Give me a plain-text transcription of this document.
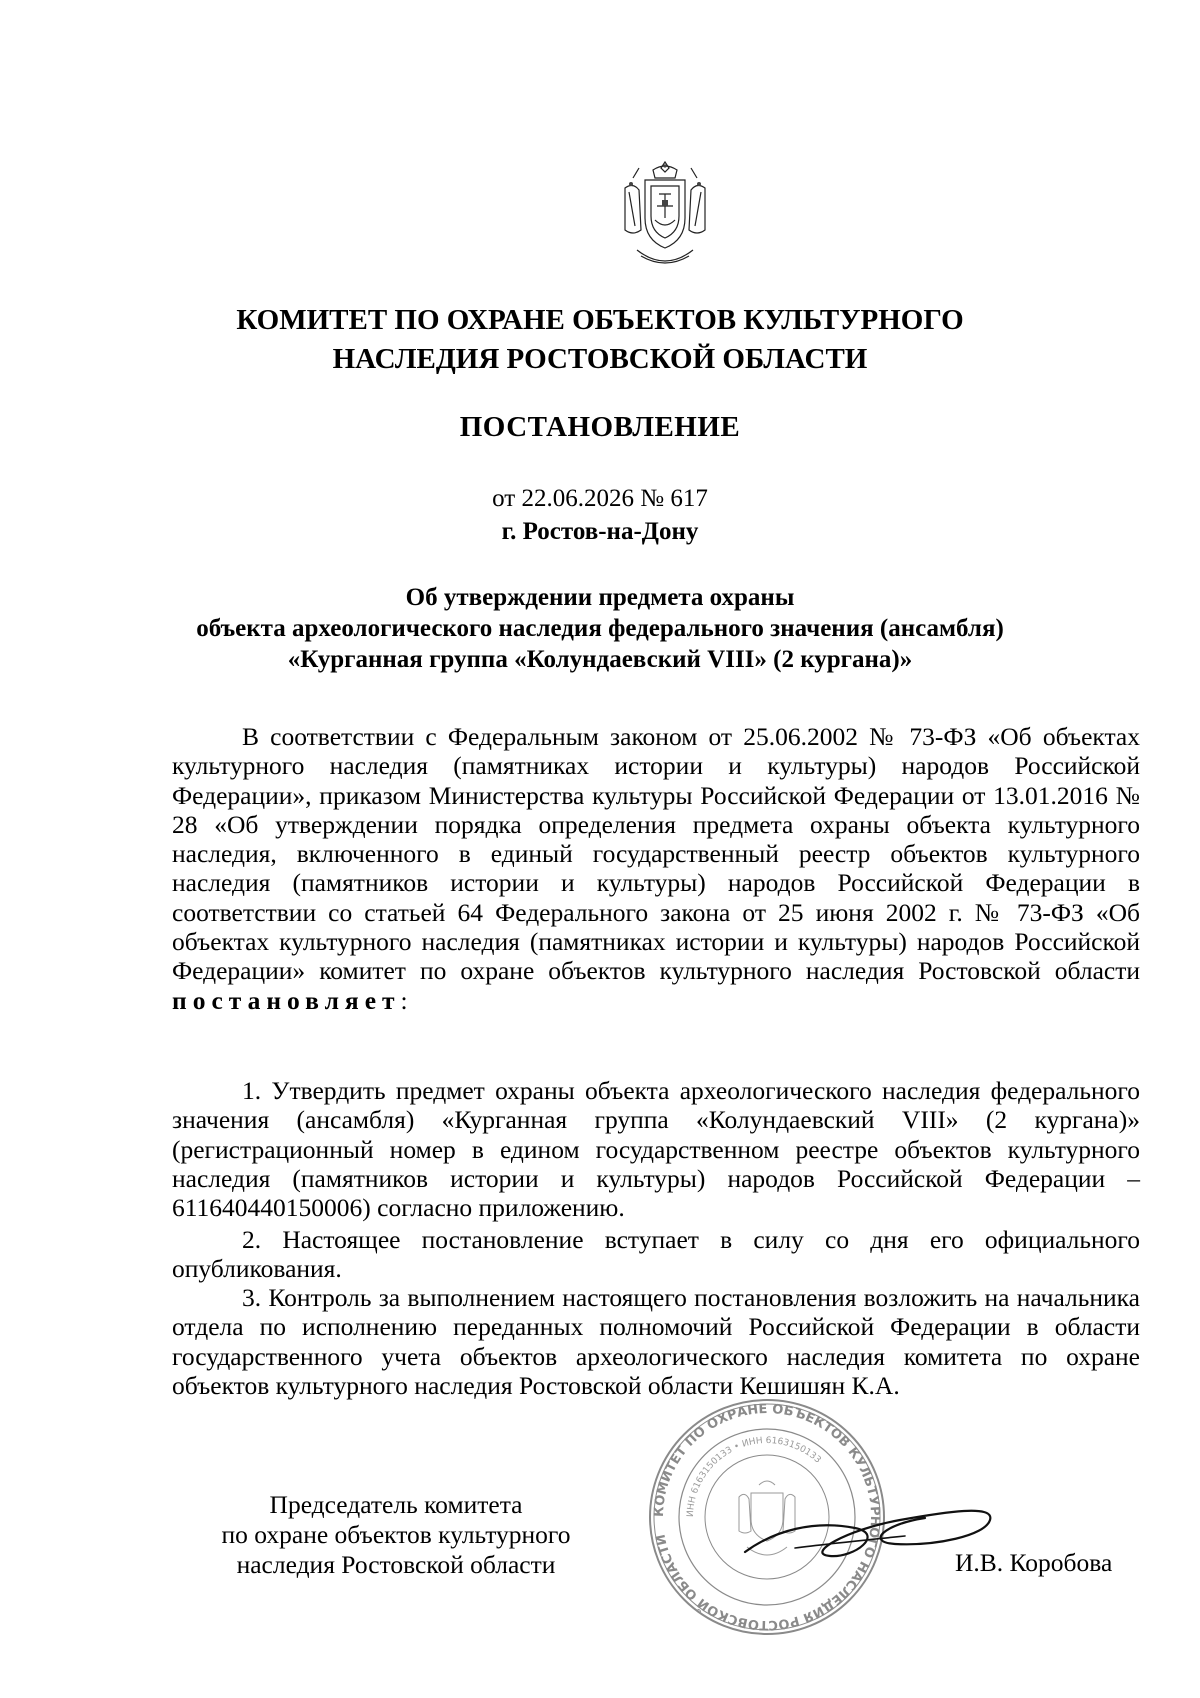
КОМИТЕТ ПО ОХРАНЕ ОБЪЕКТОВ КУЛЬТУРНОГО
НАСЛЕДИЯ РОСТОВСКОЙ ОБЛАСТИ
ПОСТАНОВЛЕНИЕ
от 22.06.2026 № 617
г. Ростов-на-Дону
Об утверждении предмета охраны
объекта археологического наследия федерального значения (ансамбля)
«Курганная группа «Колундаевский VIII» (2 кургана)»
В соответствии с Федеральным законом от 25.06.2002 № 73-ФЗ «Об объектах культурного наследия (памятниках истории и культуры) народов Российской Федерации», приказом Министерства культуры Российской Федерации от 13.01.2016 № 28 «Об утверждении порядка определения предмета охраны объекта культурного наследия, включенного в единый государственный реестр объектов культурного наследия (памятников истории и культуры) народов Российской Федерации в соответствии со статьей 64 Федерального закона от 25 июня 2002 г. № 73-ФЗ «Об объектах культурного наследия (памятниках истории и культуры) народов Российской Федерации» комитет по охране объектов культурного наследия Ростовской области постановляет:
1. Утвердить предмет охраны объекта археологического наследия федерального значения (ансамбля) «Курганная группа «Колундаевский VIII» (2 кургана)» (регистрационный номер в едином государственном реестре объектов культурного наследия (памятников истории и культуры) народов Российской Федерации – 611640440150006) согласно приложению.
2. Настоящее постановление вступает в силу со дня его официального опубликования.
3. Контроль за выполнением настоящего постановления возложить на начальника отдела по исполнению переданных полномочий Российской Федерации в области государственного учета объектов археологического наследия комитета по охране объектов культурного наследия Ростовской области Кешишян К.А.
КОМИТЕТ ПО ОХРАНЕ ОБЪЕКТОВ КУЛЬТУРНОГО НАСЛЕДИЯ РОСТОВСКОЙ ОБЛАСТИ
ИНН 6163150133 • ИНН 6163150133
Председатель комитета
по охране объектов культурного
наследия Ростовской области	И.В. Коробова
